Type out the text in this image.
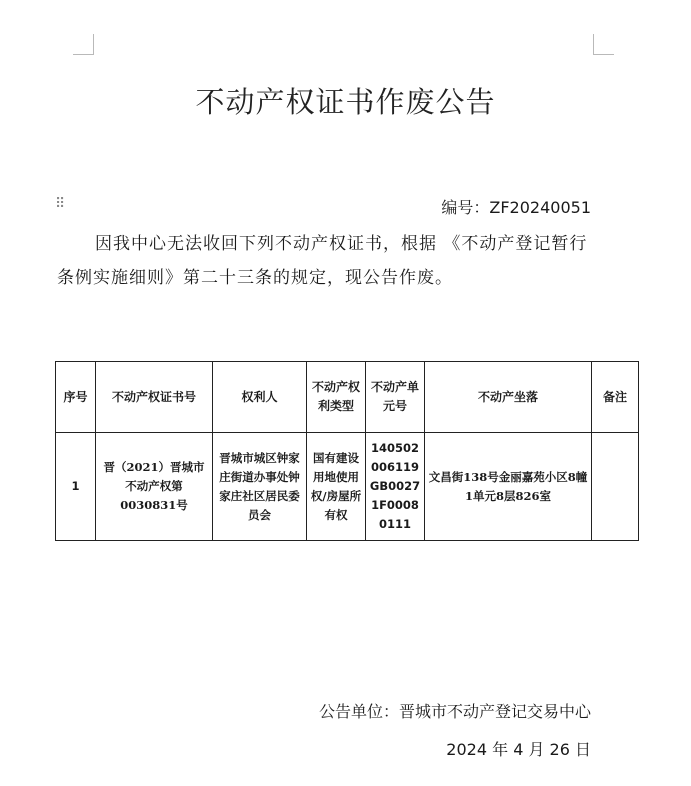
不动产权证书作废公告
⠿	编号：ZF20240051
因我中心无法收回下列不动产权证书，根据 《不动产登记暂行条例实施细则》第二十三条的规定，现公告作废。
序号	不动产权证书号	权利人	不动产权利类型	不动产单元号	不动产坐落	备注
1	晋（2021）晋城市不动产权第0030831号	晋城市城区钟家庄街道办事处钟家庄社区居民委员会	国有建设用地使用权/房屋所有权	140502006119GB00271F00080111	文昌街138号金丽嘉苑小区8幢1单元8层826室	
公告单位：晋城市不动产登记交易中心
2024 年 4 月 26 日
